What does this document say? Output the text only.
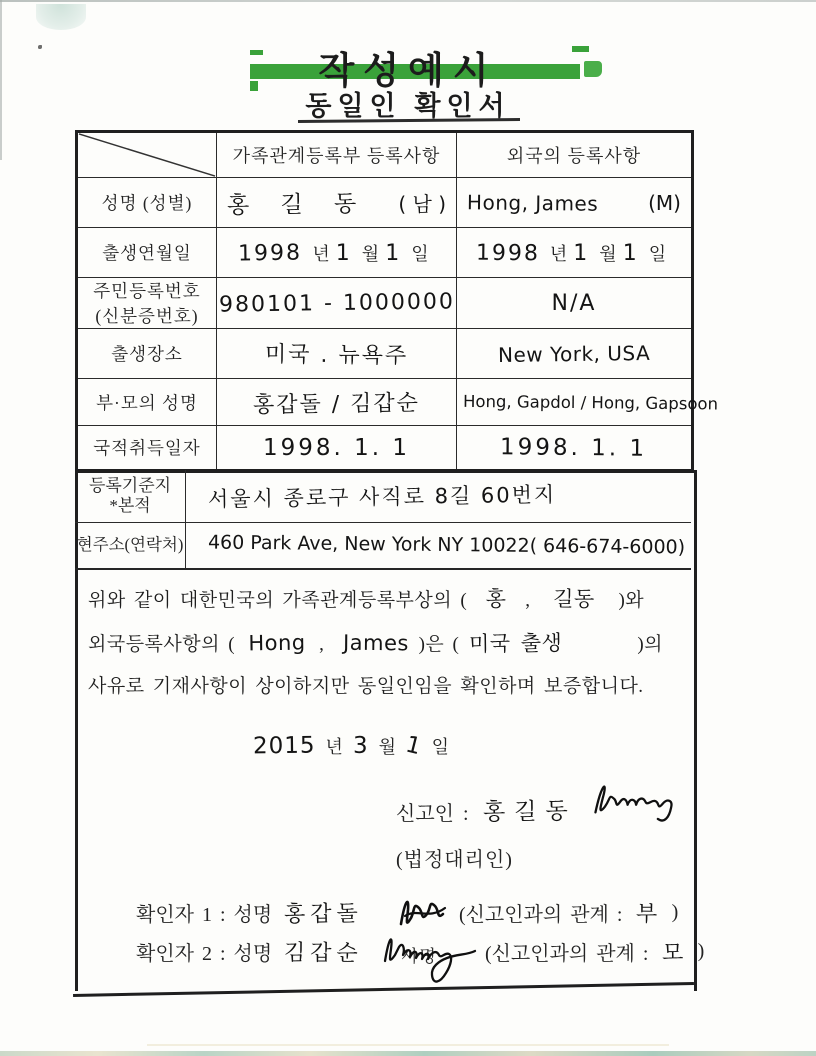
작성예시
동일인 확인서
	가족관계등록부 등록사항	외국의 등록사항
성명 (성별)	홍 길 동 ( 남 )	Hong, James (M)

출생연월일	1998 년 1 월 1 일	1998 년 1 월 1 일

주민등록번호
(신분증번호)	980101 - 1000000	N/A
출생장소	미국 . 뉴욕주	New York, USA
부·모의 성명	홍갑돌 / 김갑순	Hong, Gapdol / Hong, Gapsoon

국적취득일자	1998. 1. 1	1998. 1. 1
등록기준지
*본적	서울시 종로구 사직로 8길 60번지
현주소(연락처)	460 Park Ave, New York NY 10022( 646-674-6000)
위와 같이 대한민국의 가족관계등록부상의 ( 홍 , 길동 )와
외국등록사항의 ( Hong , James )은 ( 미국 출생	)의
사유로 기재사항이 상이하지만 동일인임을 확인하며 보증합니다.
2015 년 3 월 1 일
신고인 : 홍길동
(법정대리인)
확인자 1 : 성명 홍갑돌	(신고인과의 관계 : 부 )
확인자 2 : 성명 김갑순 서명 (신고인과의 관계 : 모 )
